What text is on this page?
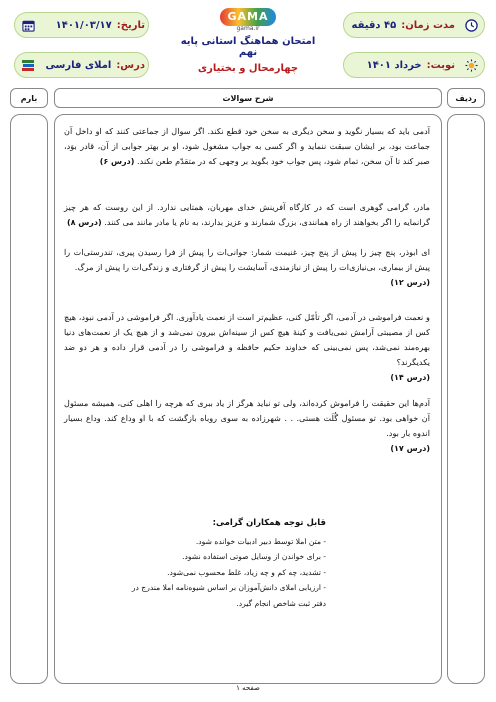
مدت زمان:
۴۵ دقیقه
نوبت:
خرداد ۱۴۰۱
تاریخ:
۱۴۰۱/۰۳/۱۷
درس:
املای فارسی
GAMA
gama.ir
امتحان هماهنگ استانی پایه نهم
چهارمحال و بختیاری
ردیف
شرح سوالات
بارم
آدمی باید که بسیار نگوید و سخن دیگری به سخن خود قطع نکند. اگر سوال از جماعتی کنند که او داخل آن جماعت بود، بر ایشان سبقت ننماید و اگر کسی به جواب مشغول شود، او بر بهتر جوابی از آن، قادر بوَد، صبر کند تا آن سخن، تمام شود، پس جواب خود بگوید بر وجهی که در متقدّم طعن نکند. (درس ۶)
مادر، گرامی گوهری است که در کارگاه آفرینش خدای مهربان، همتایی ندارد. از این روست که هر چیز گرانمایه را اگر بخواهند از راه همانندی، بزرگ شمارند و عزیز بدارند، به نام یا مادر مانند می کنند. (درس ۸)
ای ابوذر، پنج چیز را پیش از پنج چیز، غنیمت شمار: جوانی‌ات را پیش از فرا رسیدن پیری، تندرستی‌ات را پیش از بیماری، بی‌نیازی‌ات را پیش از نیازمندی، آسایشت را پیش از گرفتاری و زندگی‌ات را پیش از مرگ.
(درس ۱۲)
و نعمت فراموشی در آدمی، اگر تأمّل کنی، عظیم‌تر است از نعمت یادآوری. اگر فراموشی در آدمی نبود، هیچ کس از مصیبتی آرامش نمی‌یافت و کینهٔ هیچ کس از سینه‌اش بیرون نمی‌شد و از هیچ یک از نعمت‌های دنیا بهره‌مند نمی‌شد، پس نمی‌بینی که خداوند حکیم حافظه و فراموشی را در آدمی قرار داده و هر دو ضد یکدیگرند؟
(درس ۱۴)
آدم‌ها این حقیقت را فراموش کرده‌اند، ولی تو نباید هرگز از یاد ببری که هرچه را اهلی کنی، همیشه مسئول آن خواهی بود. تو مسئول گُلَت هستی. . . شهرزاده به سوی روباه بازگشت که با او وداع کند. وداع بسیار اندوه بار بود.
(درس ۱۷)
قابل توجه همکاران گرامی:
- متن املا توسط دبیر ادبیات خوانده شود.
- برای خواندن از وسایل صوتی استفاده نشود.
- تشدید، چه کم و چه زیاد، غلط محسوب نمی‌شود.
- ارزیابی املای دانش‌آموزان بر اساس شیوه‌نامه املا مندرج در دفتر ثبت شاخص انجام گیرد.
صفحه ۱
